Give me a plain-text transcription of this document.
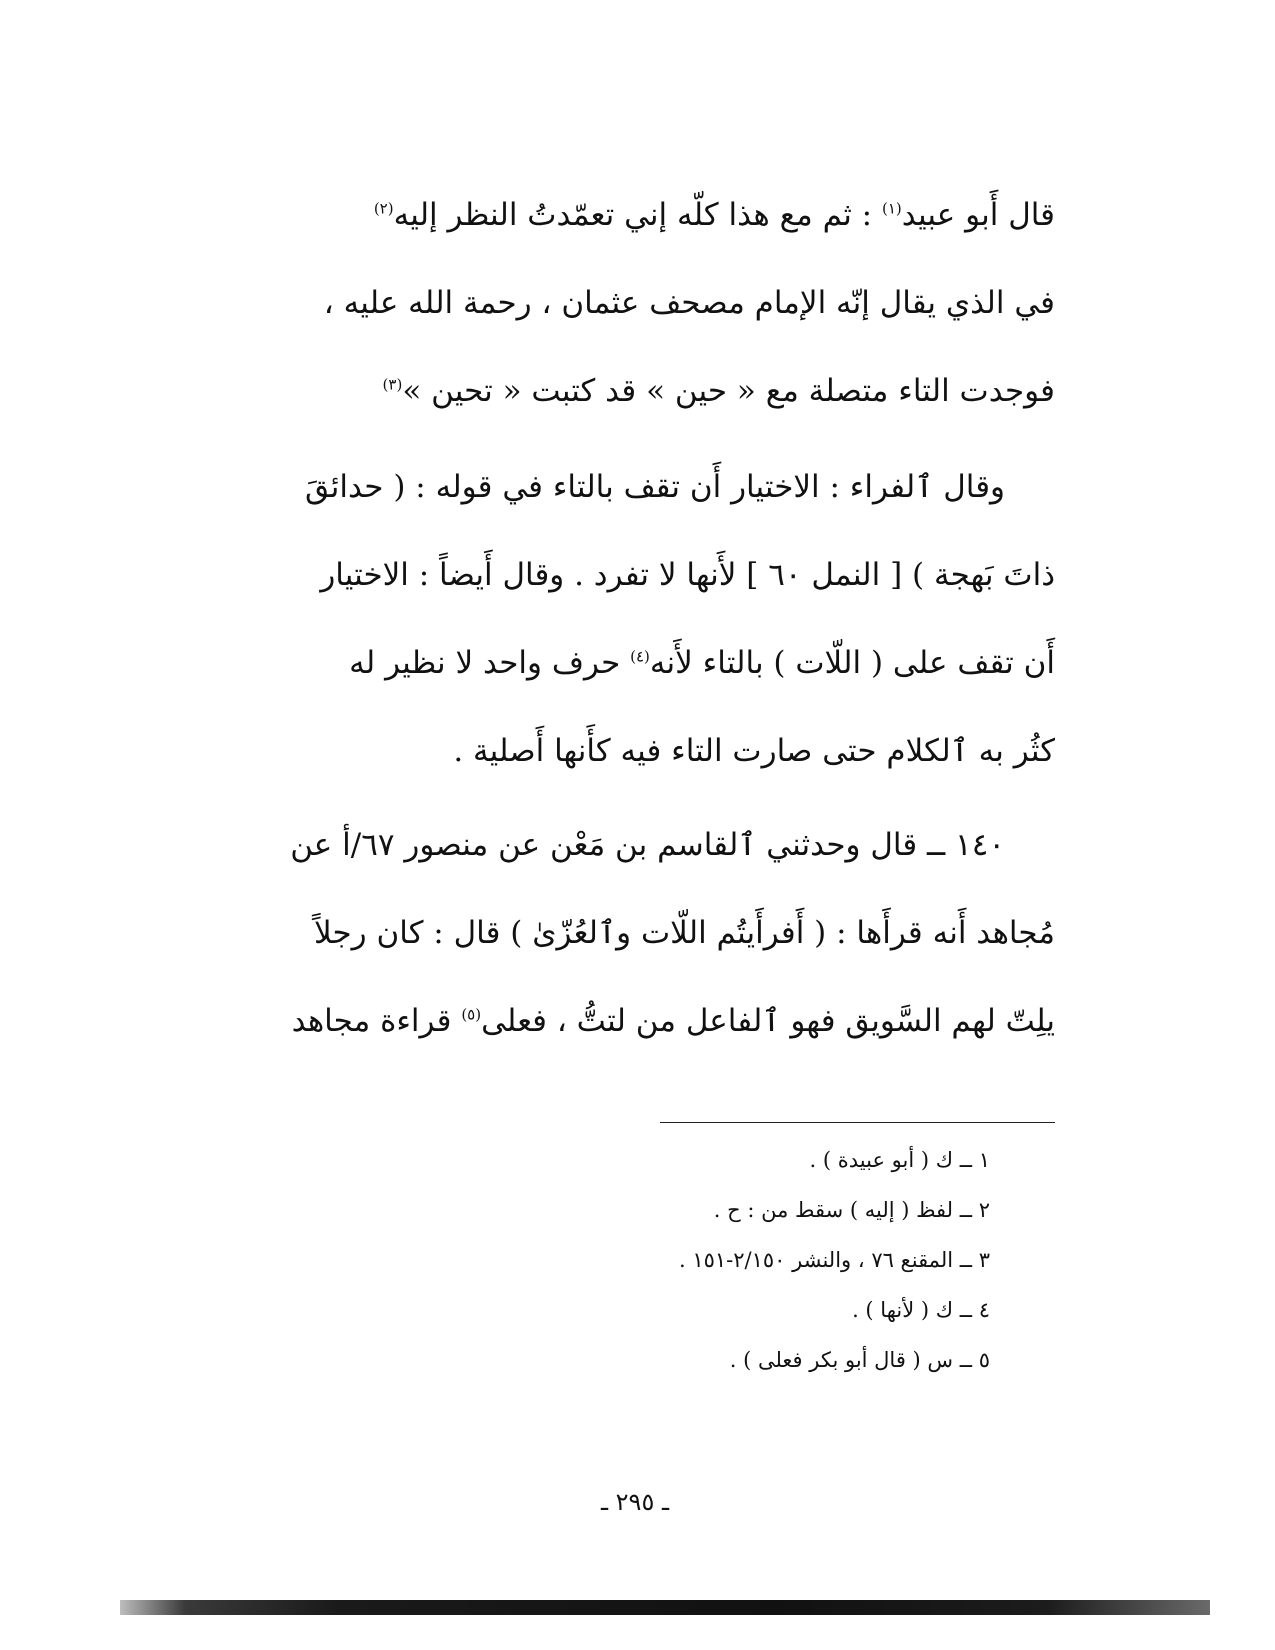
قال أَبو عبيد$^{(١)}$ : ثم مع هذا كلّه إني تعمّدتُ النظر إليه$^{(٢)}$
في الذي يقال إنّه الإمام مصحف عثمان ، رحمة الله عليه ،
فوجدت التاء متصلة مع « حين » قد كتبت « تحين »$^{(٣)}$
وقال ٱلفراء : الاختيار أَن تقف بالتاء في قوله : ( حدائقَ
ذاتَ بَهجة ) [ النمل ٦٠ ] لأَنها لا تفرد . وقال أَيضاً : الاختيار
أَن تقف على ( اللّات ) بالتاء لأَنه$^{(٤)}$ حرف واحد لا نظير له
كثُر به ٱلكلام حتى صارت التاء فيه كأَنها أَصلية .
١٤٠ ــ قال وحدثني ٱلقاسم بن مَعْن عن منصور ٦٧/أ عن
مُجاهد أَنه قرأَها : ( أَفرأَيتُم اللّات وٱلعُزّىٰ ) قال : كان رجلاً
يلِتّ لهم السَّويق فهو ٱلفاعل من لتتُّ ، فعلى$^{(٥)}$ قراءة مجاهد
١ ــ ك ( أبو عبيدة ) .
٢ ــ لفظ ( إليه ) سقط من : ح .
٣ ــ المقنع ٧٦ ، والنشر ٢/١٥٠-١٥١ .
٤ ــ ك ( لأنها ) .
٥ ــ س ( قال أبو بكر فعلى ) .
ـ ٢٩٥ ـ
